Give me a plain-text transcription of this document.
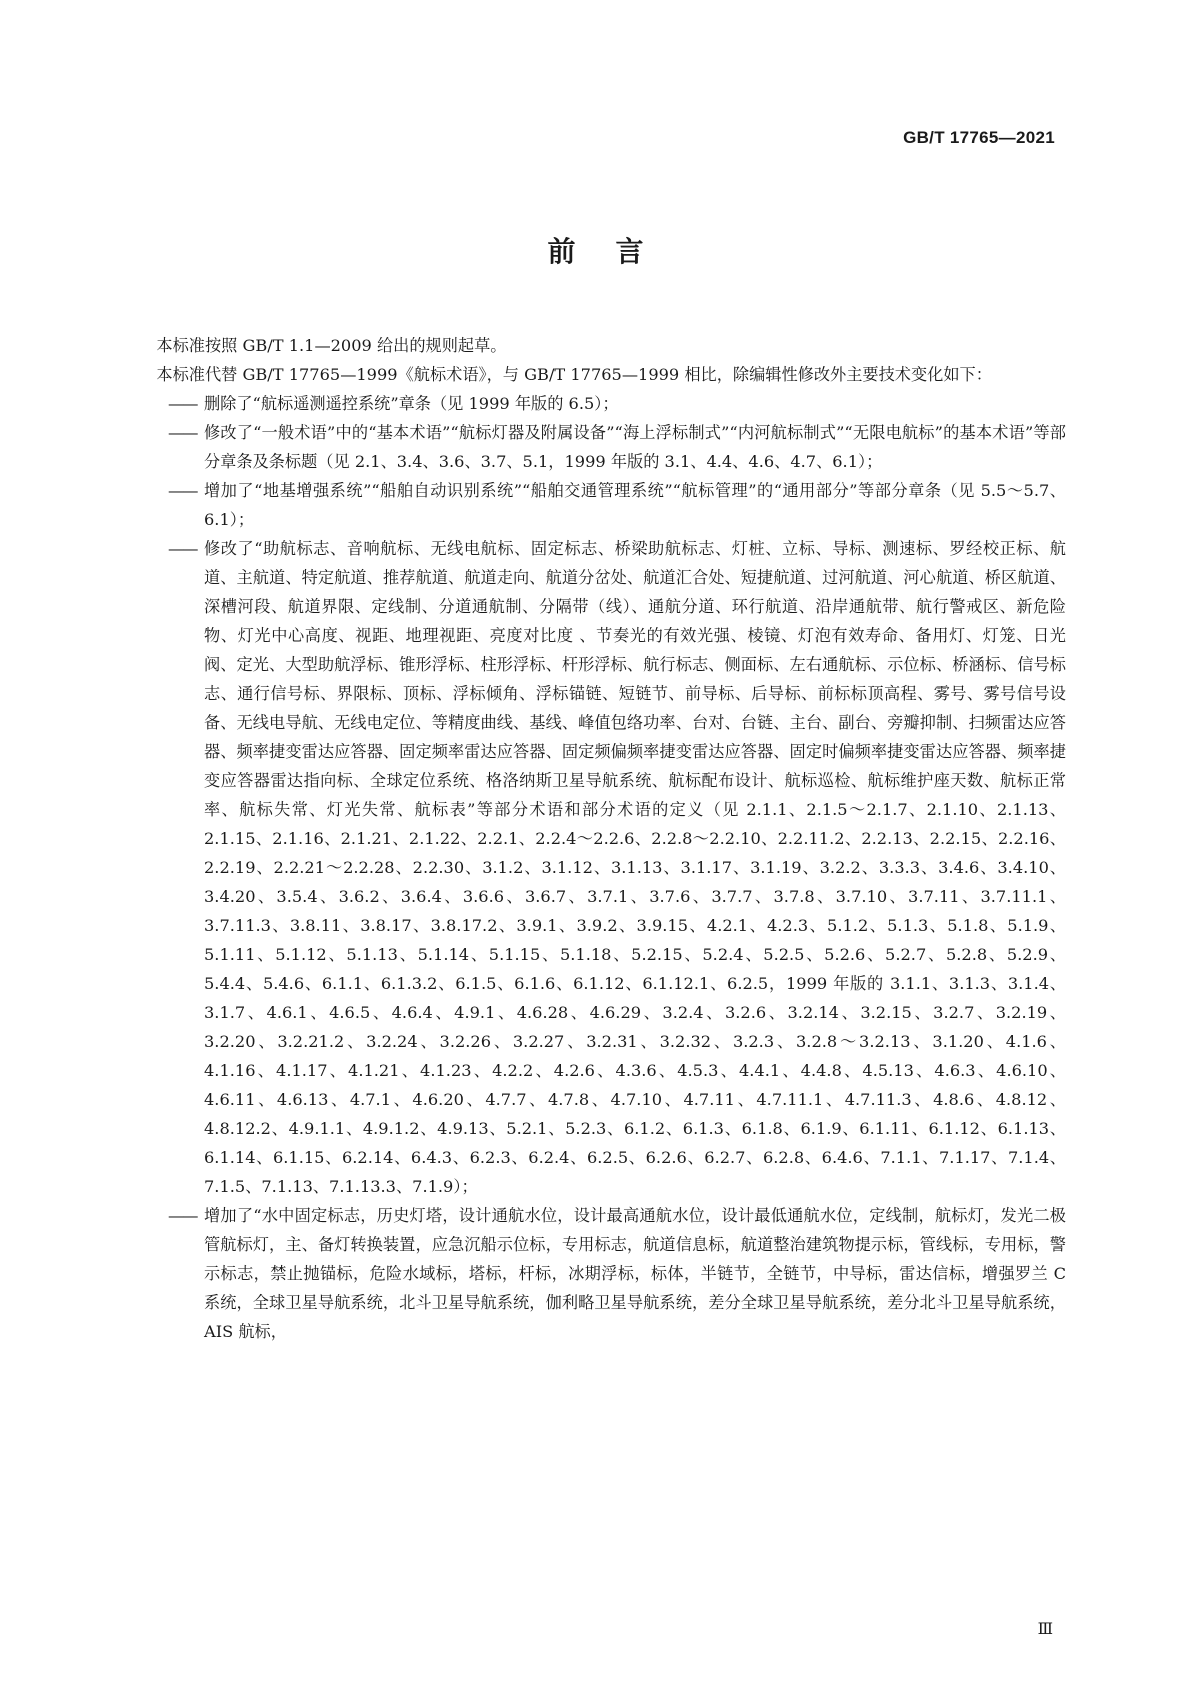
GB/T 17765—2021
前言

本标准按照 GB/T 1.1—2009 给出的规则起草。

本标准代替 GB/T 17765—1999《航标术语》，与 GB/T 17765—1999 相比，除编辑性修改外主要技术变化如下：

—— 删除了“航标遥测遥控系统”章条（见 1999 年版的 6.5）；
—— 修改了“一般术语”中的“基本术语”“航标灯器及附属设备”“海上浮标制式”“内河航标制式”“无限电航标”的基本术语”等部分章条及条标题（见 2.1、3.4、3.6、3.7、5.1，1999 年版的 3.1、4.4、4.6、4.7、6.1）；
—— 增加了“地基增强系统”“船舶自动识别系统”“船舶交通管理系统”“航标管理”的“通用部分”等部分章条（见 5.5～5.7、6.1）；
—— 修改了“助航标志、音响航标、无线电航标、固定标志、桥梁助航标志、灯桩、立标、导标、测速标、罗经校正标、航道、主航道、特定航道、推荐航道、航道走向、航道分岔处、航道汇合处、短捷航道、过河航道、河心航道、桥区航道、深槽河段、航道界限、定线制、分道通航制、分隔带（线）、通航分道、环行航道、沿岸通航带、航行警戒区、新危险物、灯光中心高度、视距、地理视距、亮度对比度 、节奏光的有效光强、棱镜、灯泡有效寿命、备用灯、灯笼、日光阀、定光、大型助航浮标、锥形浮标、柱形浮标、杆形浮标、航行标志、侧面标、左右通航标、示位标、桥涵标、信号标志、通行信号标、界限标、顶标、浮标倾角、浮标锚链、短链节、前导标、后导标、前标标顶高程、雾号、雾号信号设备、无线电导航、无线电定位、等精度曲线、基线、峰值包络功率、台对、台链、主台、副台、旁瓣抑制、扫频雷达应答器、频率捷变雷达应答器、固定频率雷达应答器、固定频偏频率捷变雷达应答器、固定时偏频率捷变雷达应答器、频率捷变应答器雷达指向标、全球定位系统、格洛纳斯卫星导航系统、航标配布设计、航标巡检、航标维护座天数、航标正常率、航标失常、灯光失常、航标表”等部分术语和部分术语的定义（见 2.1.1、2.1.5～2.1.7、2.1.10、2.1.13、2.1.15、2.1.16、2.1.21、2.1.22、2.2.1、2.2.4～2.2.6、2.2.8～2.2.10、2.2.11.2、2.2.13、2.2.15、2.2.16、2.2.19、2.2.21～2.2.28、2.2.30、3.1.2、3.1.12、3.1.13、3.1.17、3.1.19、3.2.2、3.3.3、3.4.6、3.4.10、3.4.20、3.5.4、3.6.2、3.6.4、3.6.6、3.6.7、3.7.1、3.7.6、3.7.7、3.7.8、3.7.10、3.7.11、3.7.11.1、3.7.11.3、3.8.11、3.8.17、3.8.17.2、3.9.1、3.9.2、3.9.15、4.2.1、4.2.3、5.1.2、5.1.3、5.1.8、5.1.9、5.1.11、5.1.12、5.1.13、5.1.14、5.1.15、5.1.18、5.2.15、5.2.4、5.2.5、5.2.6、5.2.7、5.2.8、5.2.9、5.4.4、5.4.6、6.1.1、6.1.3.2、6.1.5、6.1.6、6.1.12、6.1.12.1、6.2.5，1999 年版的 3.1.1、3.1.3、3.1.4、3.1.7、4.6.1、4.6.5、4.6.4、4.9.1、4.6.28、4.6.29、3.2.4、3.2.6、3.2.14、3.2.15、3.2.7、3.2.19、3.2.20、3.2.21.2、3.2.24、3.2.26、3.2.27、3.2.31、3.2.32、3.2.3、3.2.8～3.2.13、3.1.20、4.1.6、4.1.16、4.1.17、4.1.21、4.1.23、4.2.2、4.2.6、4.3.6、4.5.3、4.4.1、4.4.8、4.5.13、4.6.3、4.6.10、4.6.11、4.6.13、4.7.1、4.6.20、4.7.7、4.7.8、4.7.10、4.7.11、4.7.11.1、4.7.11.3、4.8.6、4.8.12、4.8.12.2、4.9.1.1、4.9.1.2、4.9.13、5.2.1、5.2.3、6.1.2、6.1.3、6.1.8、6.1.9、6.1.11、6.1.12、6.1.13、6.1.14、6.1.15、6.2.14、6.4.3、6.2.3、6.2.4、6.2.5、6.2.6、6.2.7、6.2.8、6.4.6、7.1.1、7.1.17、7.1.4、7.1.5、7.1.13、7.1.13.3、7.1.9）；
—— 增加了“水中固定标志，历史灯塔，设计通航水位，设计最高通航水位，设计最低通航水位，定线制，航标灯，发光二极管航标灯，主、备灯转换装置，应急沉船示位标，专用标志，航道信息标，航道整治建筑物提示标，管线标，专用标，警示标志，禁止抛锚标，危险水域标，塔标，杆标，冰期浮标，标体，半链节，全链节，中导标，雷达信标，增强罗兰 C 系统，全球卫星导航系统，北斗卫星导航系统，伽利略卫星导航系统，差分全球卫星导航系统，差分北斗卫星导航系统，AIS 航标，
Ⅲ
